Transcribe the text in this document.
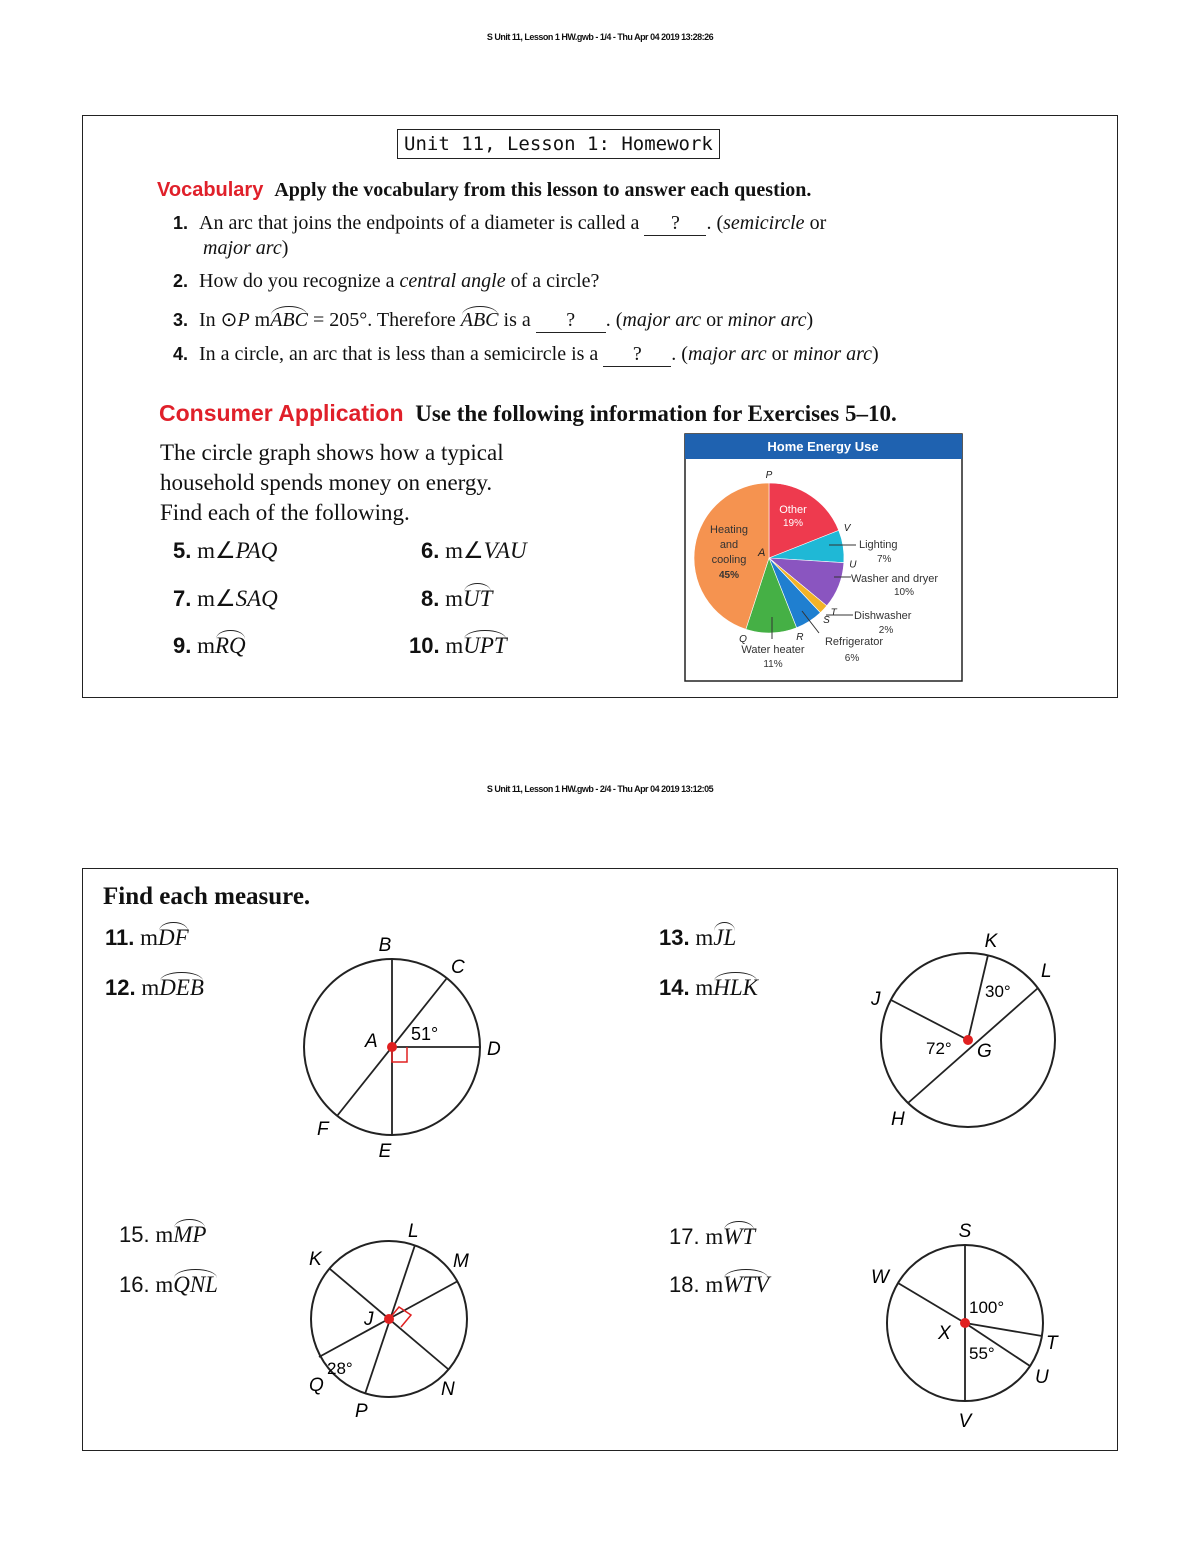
S Unit 11, Lesson 1 HW.gwb - 1/4 - Thu Apr 04 2019 13:28:26
Unit 11, Lesson 1: Homework
Vocabulary Apply the vocabulary from this lesson to answer each question.
1. An arc that joins the endpoints of a diameter is called a ? . (semicircle or
major arc)
2. How do you recognize a central angle of a circle?
3. In ⊙P mABC = 205°. Therefore ABC is a ? . (major arc or minor arc)
4. In a circle, an arc that is less than a semicircle is a ? . (major arc or minor arc)
Consumer Application Use the following information for Exercises 5–10.
The circle graph shows how a typical
household spends money on energy.
Find each of the following.
5. m∠PAQ	6. m∠VAU
7. m∠SAQ	8. mUT
9. mRQ	10. mUPT
Home Energy Use
P
V
U
T
S
R
Q
A
Other
19%
Heating
and
cooling
45%
Lighting
7%
Washer and dryer
10%
Dishwasher
2%
Refrigerator
6%
Water heater
11%
S Unit 11, Lesson 1 HW.gwb - 2/4 - Thu Apr 04 2019 13:12:05
Find each measure.
11. mDF
12. mDEB
13. mJL
14. mHLK
15. mMP
16. mQNL
17. mWT
18. mWTV
B
C
A	D
F
E
51°
K
L
J
G
H
30°
72°
L
K	M
J
Q	N
P
28°
S
W
X	T
U
V
100°
55°
